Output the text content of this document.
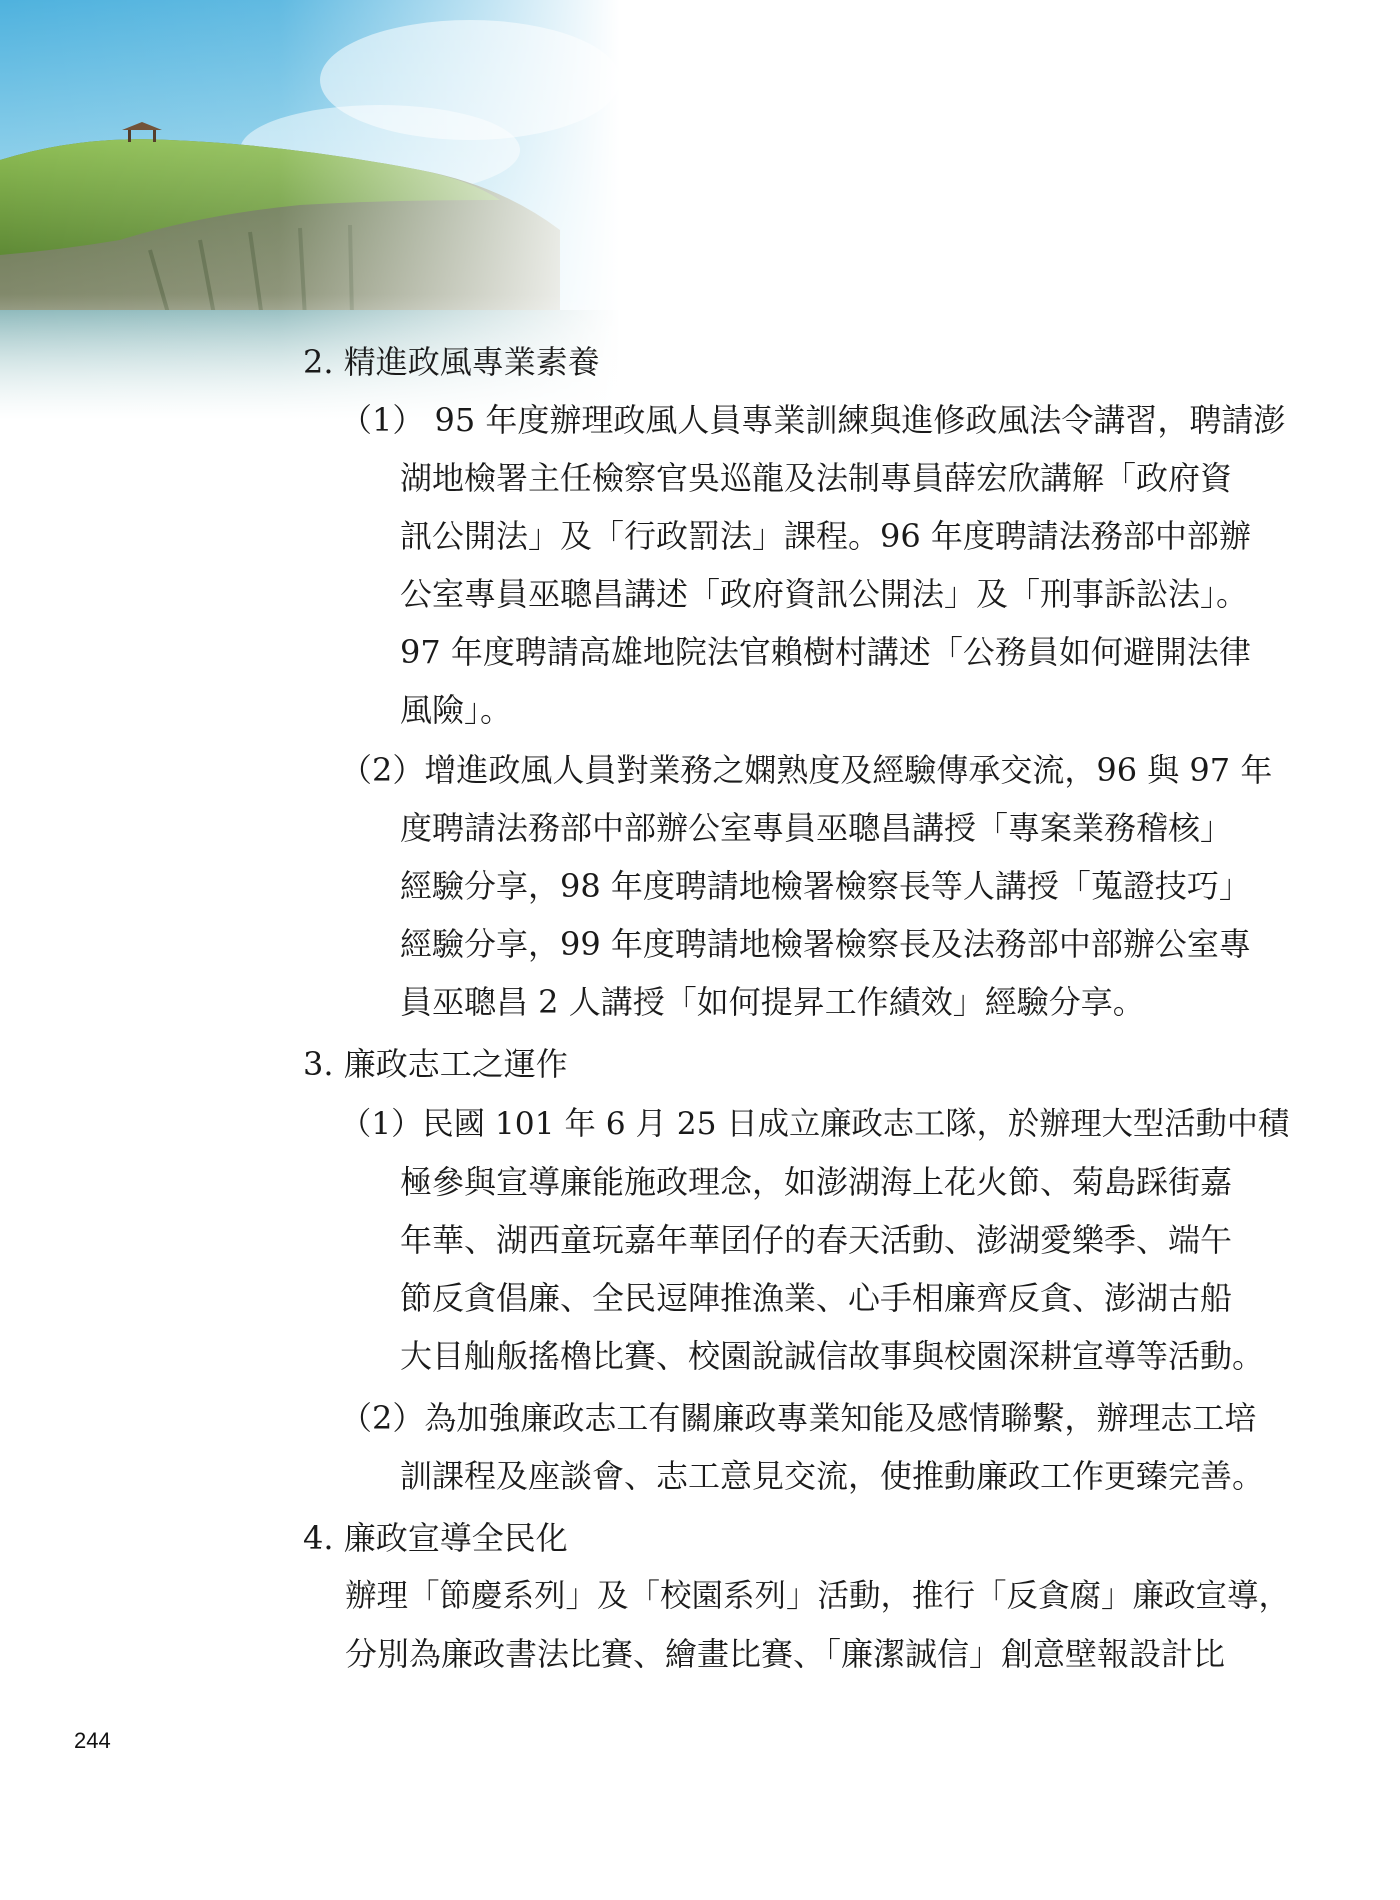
2. 精進政風專業素養
（1） 95 年度辦理政風人員專業訓練與進修政風法令講習，聘請澎
湖地檢署主任檢察官吳巡龍及法制專員薛宏欣講解「政府資
訊公開法」及「行政罰法」課程。96 年度聘請法務部中部辦
公室專員巫聰昌講述「政府資訊公開法」及「刑事訴訟法」。
97 年度聘請高雄地院法官賴樹村講述「公務員如何避開法律
風險」。
（2）增進政風人員對業務之嫻熟度及經驗傳承交流，96 與 97 年
度聘請法務部中部辦公室專員巫聰昌講授「專案業務稽核」
經驗分享，98 年度聘請地檢署檢察長等人講授「蒐證技巧」
經驗分享，99 年度聘請地檢署檢察長及法務部中部辦公室專
員巫聰昌 2 人講授「如何提昇工作績效」經驗分享。
3. 廉政志工之運作
（1）民國 101 年 6 月 25 日成立廉政志工隊，於辦理大型活動中積
極參與宣導廉能施政理念，如澎湖海上花火節、菊島踩街嘉
年華、湖西童玩嘉年華囝仔的春天活動、澎湖愛樂季、端午
節反貪倡廉、全民逗陣推漁業、心手相廉齊反貪、澎湖古船
大目舢舨搖櫓比賽、校園說誠信故事與校園深耕宣導等活動。
（2）為加強廉政志工有關廉政專業知能及感情聯繫，辦理志工培
訓課程及座談會、志工意見交流，使推動廉政工作更臻完善。
4. 廉政宣導全民化
辦理「節慶系列」及「校園系列」活動，推行「反貪腐」廉政宣導，
分別為廉政書法比賽、繪畫比賽、「廉潔誠信」創意壁報設計比
244
